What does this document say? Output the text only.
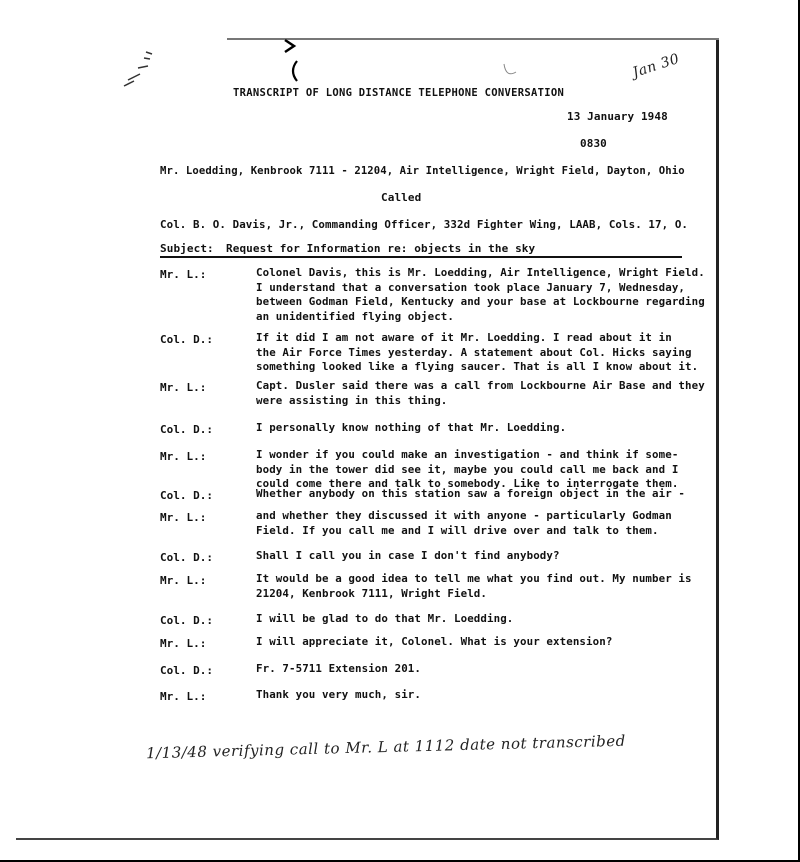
Jan 30
TRANSCRIPT OF LONG DISTANCE TELEPHONE CONVERSATION
13 January 1948
0830
Mr. Loedding, Kenbrook 7111 - 21204, Air Intelligence, Wright Field, Dayton, Ohio
Called
Col. B. O. Davis, Jr., Commanding Officer, 332d Fighter Wing, LAAB, Cols. 17, O.
Subject: Request for Information re: objects in the sky
Mr. L.:	Colonel Davis, this is Mr. Loedding, Air Intelligence, Wright Field.
I understand that a conversation took place January 7, Wednesday,
between Godman Field, Kentucky and your base at Lockbourne regarding
an unidentified flying object.
Col. D.:	If it did I am not aware of it Mr. Loedding. I read about it in
the Air Force Times yesterday. A statement about Col. Hicks saying
something looked like a flying saucer. That is all I know about it.
Mr. L.:	Capt. Dusler said there was a call from Lockbourne Air Base and they
were assisting in this thing.
Col. D.:	I personally know nothing of that Mr. Loedding.
Mr. L.:	I wonder if you could make an investigation - and think if some-
body in the tower did see it, maybe you could call me back and I
could come there and talk to somebody. Like to interrogate them.
Col. D.:	Whether anybody on this station saw a foreign object in the air -
Mr. L.:	and whether they discussed it with anyone - particularly Godman
Field. If you call me and I will drive over and talk to them.
Col. D.:	Shall I call you in case I don't find anybody?
Mr. L.:	It would be a good idea to tell me what you find out. My number is
21204, Kenbrook 7111, Wright Field.
Col. D.:	I will be glad to do that Mr. Loedding.
Mr. L.:	I will appreciate it, Colonel. What is your extension?
Col. D.:	Fr. 7-5711 Extension 201.
Mr. L.:	Thank you very much, sir.
1/13/48 verifying call to Mr. L at 1112 date not transcribed
